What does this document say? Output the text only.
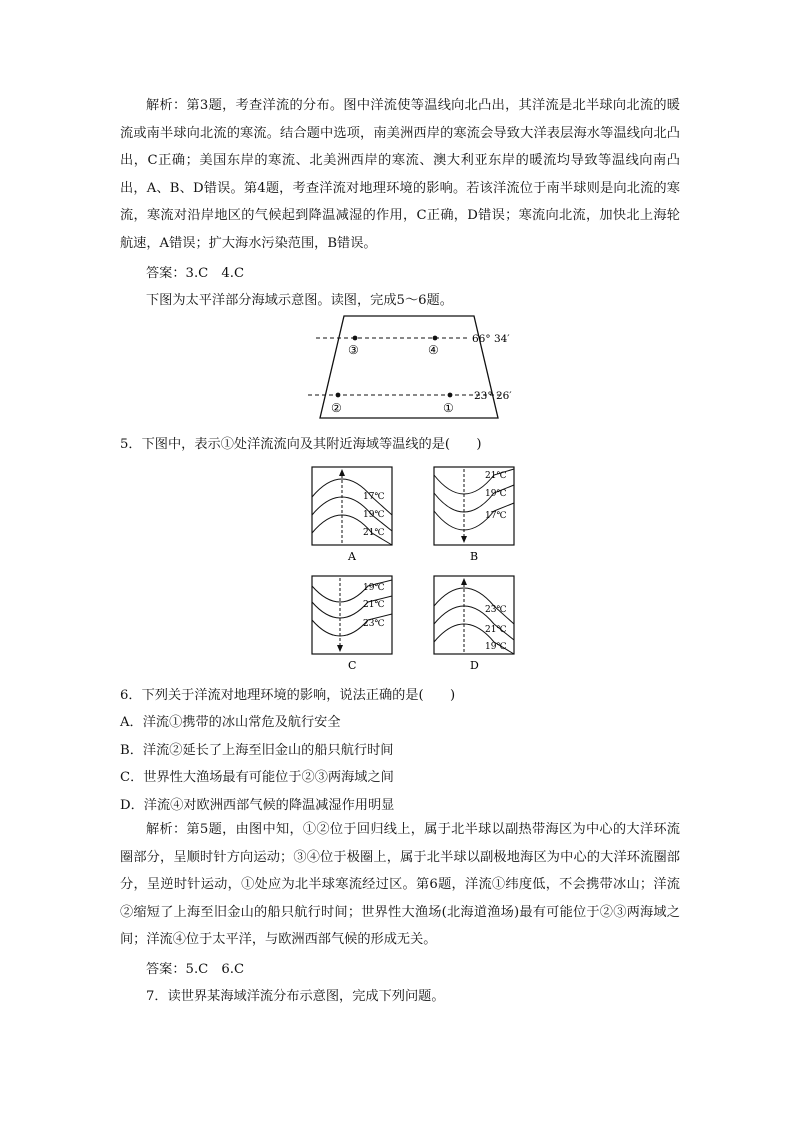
解析：第3题，考查洋流的分布。图中洋流使等温线向北凸出，其洋流是北半球向北流的暖流或南半球向北流的寒流。结合题中选项，南美洲西岸的寒流会导致大洋表层海水等温线向北凸出，C正确；美国东岸的寒流、北美洲西岸的寒流、澳大利亚东岸的暖流均导致等温线向南凸出，A、B、D错误。第4题，考查洋流对地理环境的影响。若该洋流位于南半球则是向北流的寒流，寒流对沿岸地区的气候起到降温减湿的作用，C正确，D错误；寒流向北流，加快北上海轮航速，A错误；扩大海水污染范围，B错误。
答案：3.C　4.C
下图为太平洋部分海域示意图。读图，完成5～6题。
③	④
②	①
66° 34′
23° 26′
5．下图中，表示①处洋流流向及其附近海域等温线的是(　　)
17℃
19℃
21℃
A
21℃
19℃
17℃
B
19℃
21℃
23℃
C
23℃
21℃
19℃
D
6．下列关于洋流对地理环境的影响，说法正确的是(　　)
A．洋流①携带的冰山常危及航行安全
B．洋流②延长了上海至旧金山的船只航行时间
C．世界性大渔场最有可能位于②③两海域之间
D．洋流④对欧洲西部气候的降温减湿作用明显
解析：第5题，由图中知，①②位于回归线上，属于北半球以副热带海区为中心的大洋环流圈部分，呈顺时针方向运动；③④位于极圈上，属于北半球以副极地海区为中心的大洋环流圈部分，呈逆时针运动，①处应为北半球寒流经过区。第6题，洋流①纬度低，不会携带冰山；洋流②缩短了上海至旧金山的船只航行时间；世界性大渔场(北海道渔场)最有可能位于②③两海域之间；洋流④位于太平洋，与欧洲西部气候的形成无关。
答案：5.C　6.C
7．读世界某海域洋流分布示意图，完成下列问题。
